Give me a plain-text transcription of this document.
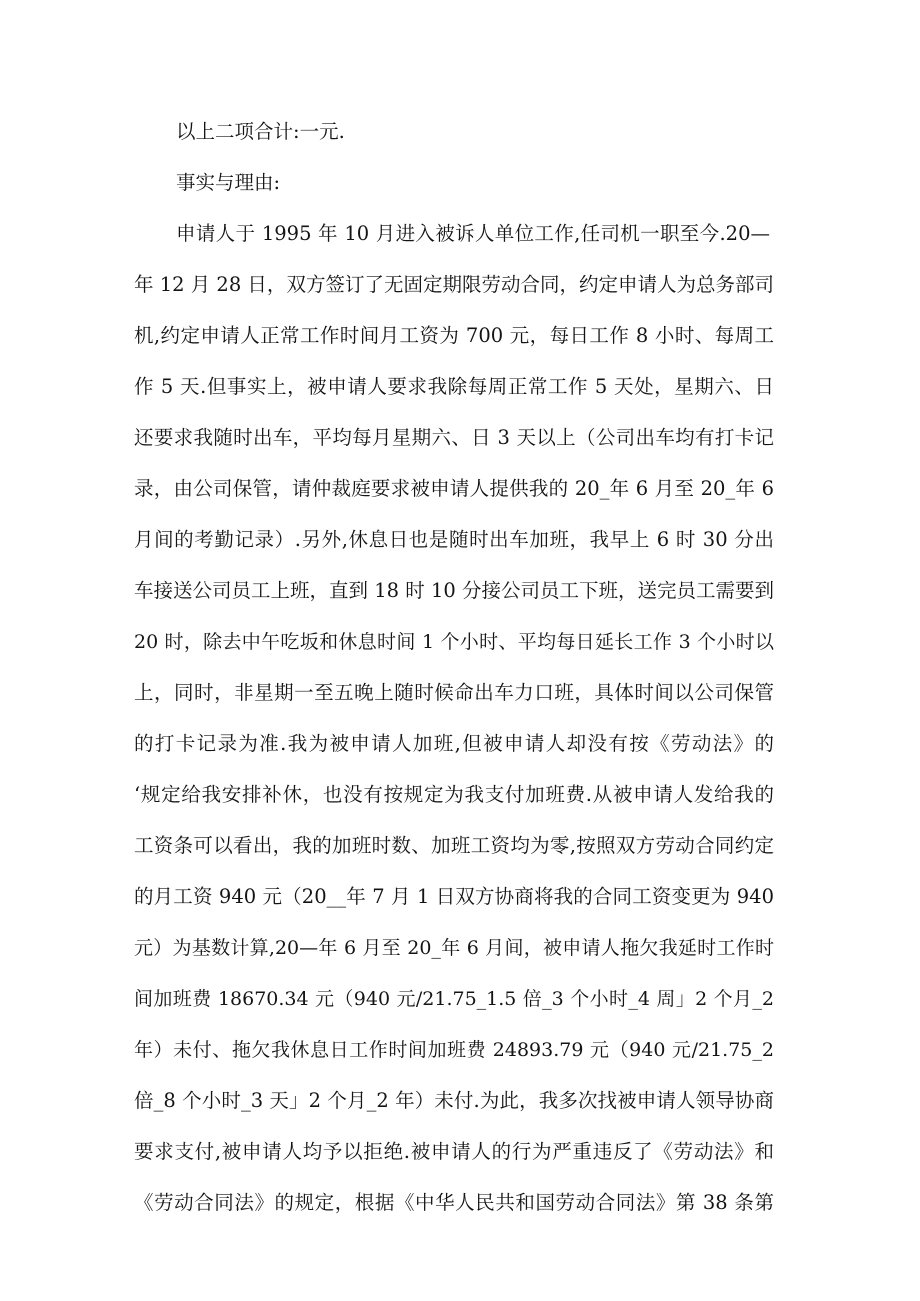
以上二项合计:一元.

事实与理由:

申请人于 1995 年 10 月进入被诉人单位工作,任司机一职至今.20—

年 12 月 28 日，双方签订了无固定期限劳动合同，约定申请人为总务部司

机,约定申请人正常工作时间月工资为 700 元，每日工作 8 小时、每周工

作 5 天.但事实上，被申请人要求我除每周正常工作 5 天处，星期六、日

还要求我随时出车，平均每月星期六、日 3 天以上（公司出车均有打卡记

录，由公司保管，请仲裁庭要求被申请人提供我的 20_年 6 月至 20_年 6

月间的考勤记录）.另外,休息日也是随时出车加班，我早上 6 时 30 分出

车接送公司员工上班，直到 18 时 10 分接公司员工下班，送完员工需要到

20 时，除去中午吃坂和休息时间 1 个小时、平均每日延长工作 3 个小时以

上，同时，非星期一至五晚上随时候命出车力口班，具体时间以公司保管

的打卡记录为准.我为被申请人加班,但被申请人却没有按《劳动法》的

‘规定给我安排补休，也没有按规定为我支付加班费.从被申请人发给我的

工资条可以看出，我的加班时数、加班工资均为零,按照双方劳动合同约定

的月工资 940 元（20__年 7 月 1 日双方协商将我的合同工资变更为 940

元）为基数计算,20—年 6 月至 20_年 6 月间，被申请人拖欠我延时工作时

间加班费 18670.34 元（940 元/21.75_1.5 倍_3 个小时_4 周」2 个月_2

年）未付、拖欠我休息日工作时间加班费 24893.79 元（940 元/21.75_2

倍_8 个小时_3 天」2 个月_2 年）未付.为此，我多次找被申请人领导协商

要求支付,被申请人均予以拒绝.被申请人的行为严重违反了《劳动法》和

《劳动合同法》的规定，根据《中华人民共和国劳动合同法》第 38 条第
